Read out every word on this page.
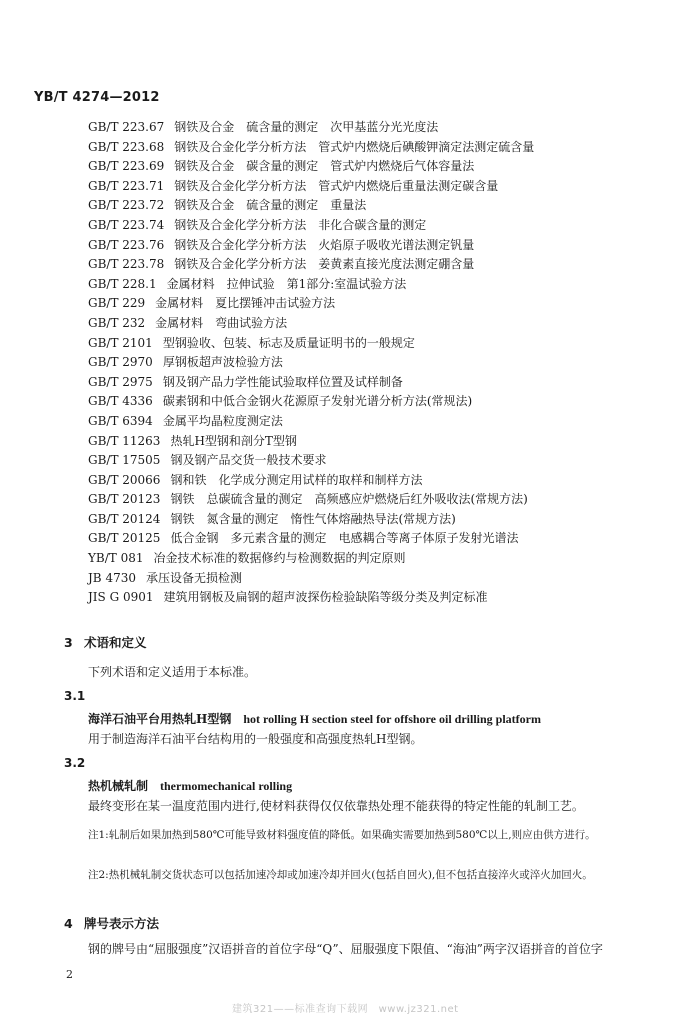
YB/T 4274—2012
GB/T 223.67 钢铁及合金　硫含量的测定　次甲基蓝分光光度法
GB/T 223.68 钢铁及合金化学分析方法　管式炉内燃烧后碘酸钾滴定法测定硫含量
GB/T 223.69 钢铁及合金　碳含量的测定　管式炉内燃烧后气体容量法
GB/T 223.71 钢铁及合金化学分析方法　管式炉内燃烧后重量法测定碳含量
GB/T 223.72 钢铁及合金　硫含量的测定　重量法
GB/T 223.74 钢铁及合金化学分析方法　非化合碳含量的测定
GB/T 223.76 钢铁及合金化学分析方法　火焰原子吸收光谱法测定钒量
GB/T 223.78 钢铁及合金化学分析方法　姜黄素直接光度法测定硼含量
GB/T 228.1 金属材料　拉伸试验　第1部分:室温试验方法
GB/T 229 金属材料　夏比摆锤冲击试验方法
GB/T 232 金属材料　弯曲试验方法
GB/T 2101 型钢验收、包装、标志及质量证明书的一般规定
GB/T 2970 厚钢板超声波检验方法
GB/T 2975 钢及钢产品力学性能试验取样位置及试样制备
GB/T 4336 碳素钢和中低合金钢火花源原子发射光谱分析方法(常规法)
GB/T 6394 金属平均晶粒度测定法
GB/T 11263 热轧H型钢和剖分T型钢
GB/T 17505 钢及钢产品交货一般技术要求
GB/T 20066 钢和铁　化学成分测定用试样的取样和制样方法
GB/T 20123 钢铁　总碳硫含量的测定　高频感应炉燃烧后红外吸收法(常规方法)
GB/T 20124 钢铁　氮含量的测定　惰性气体熔融热导法(常规方法)
GB/T 20125 低合金钢　多元素含量的测定　电感耦合等离子体原子发射光谱法
YB/T 081 冶金技术标准的数据修约与检测数据的判定原则
JB 4730 承压设备无损检测
JIS G 0901 建筑用钢板及扁钢的超声波探伤检验缺陷等级分类及判定标准
3 术语和定义

下列术语和定义适用于本标准。

3.1
海洋石油平台用热轧H型钢 hot rolling H section steel for offshore oil drilling platform

用于制造海洋石油平台结构用的一般强度和高强度热轧H型钢。

3.2
热机械轧制 thermomechanical rolling

最终变形在某一温度范围内进行,使材料获得仅仅依靠热处理不能获得的特定性能的轧制工艺。

注1:轧制后如果加热到580℃可能导致材料强度值的降低。如果确实需要加热到580℃以上,则应由供方进行。

注2:热机械轧制交货状态可以包括加速冷却或加速冷却并回火(包括自回火),但不包括直接淬火或淬火加回火。

4 牌号表示方法

钢的牌号由“屈服强度”汉语拼音的首位字母“Q”、屈服强度下限值、“海油”两字汉语拼音的首位字

2
建筑321——标准查询下载网　www.jz321.net
